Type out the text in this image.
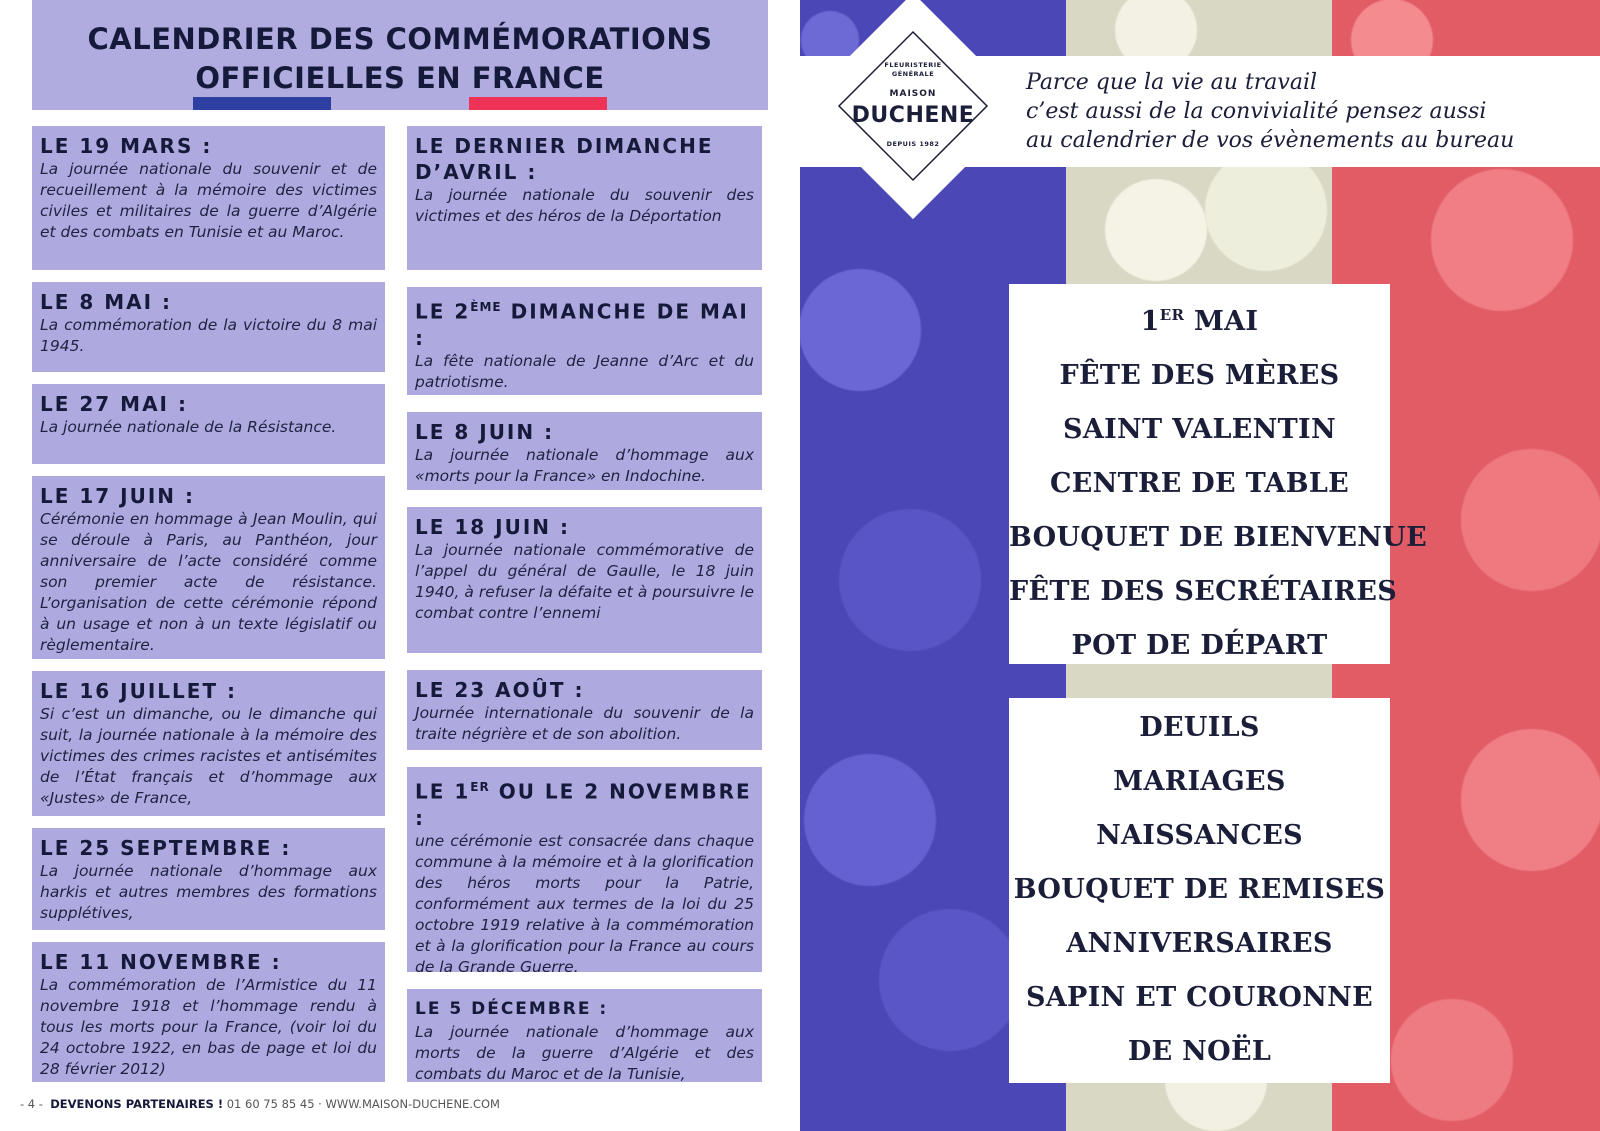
CALENDRIER DES COMMÉMORATIONS
OFFICIELLES EN FRANCE

LE 19 MARS :

La journée nationale du souvenir et de recueillement à la mémoire des victimes civiles et militaires de la guerre d’Algérie et des combats en Tunisie et au Maroc.

LE 8 MAI :

La commémoration de la victoire du 8 mai 1945.

LE 27 MAI :

La journée nationale de la Résistance.

LE 17 JUIN :

Cérémonie en hommage à Jean Moulin, qui se déroule à Paris, au Panthéon, jour anniversaire de l’acte considéré comme son premier acte de résistance. L’organisation de cette cérémonie répond à un usage et non à un texte législatif ou règlementaire.

LE 16 JUILLET :

Si c’est un dimanche, ou le dimanche qui suit, la journée nationale à la mémoire des victimes des crimes racistes et antisémites de l’État français et d’hommage aux «Justes» de France,

LE 25 SEPTEMBRE :

La journée nationale d’hommage aux harkis et autres membres des formations supplétives,

LE 11 NOVEMBRE :

La commémoration de l’Armistice du 11 novembre 1918 et l’hommage rendu à tous les morts pour la France, (voir loi du 24 octobre 1922, en bas de page et loi du 28 février 2012)

LE DERNIER DIMANCHE D’AVRIL :

La journée nationale du souvenir des victimes et des héros de la Déportation

LE 2ÈME DIMANCHE DE MAI :

La fête nationale de Jeanne d’Arc et du patriotisme.

LE 8 JUIN :

La journée nationale d’hommage aux «morts pour la France» en Indochine.

LE 18 JUIN :

La journée nationale commémorative de l’appel du général de Gaulle, le 18 juin 1940, à refuser la défaite et à poursuivre le combat contre l’ennemi

LE 23 AOÛT :

Journée internationale du souvenir de la traite négrière et de son abolition.

LE 1ER OU LE 2 NOVEMBRE :

une cérémonie est consacrée dans chaque commune à la mémoire et à la glorification des héros morts pour la Patrie, conformément aux termes de la loi du 25 octobre 1919 relative à la commémoration et à la glorification pour la France au cours de la Grande Guerre.

LE 5 DÉCEMBRE :

La journée nationale d’hommage aux morts de la guerre d’Algérie et des combats du Maroc et de la Tunisie,

- 4 - DEVENONS PARTENAIRES ! 01 60 75 85 45 · WWW.MAISON-DUCHENE.COM

Parce que la vie au travail
c’est aussi de la convivialité pensez aussi
au calendrier de vos évènements au bureau

FLEURISTERIE
GÉNÉRALE

MAISON

DUCHENE

DEPUIS 1982

1ER MAI
FÊTE DES MÈRES
SAINT VALENTIN
CENTRE DE TABLE
BOUQUET DE BIENVENUE
FÊTE DES SECRÉTAIRES
POT DE DÉPART
DEUILS
MARIAGES
NAISSANCES
BOUQUET DE REMISES
ANNIVERSAIRES
SAPIN ET COURONNE
DE NOËL
